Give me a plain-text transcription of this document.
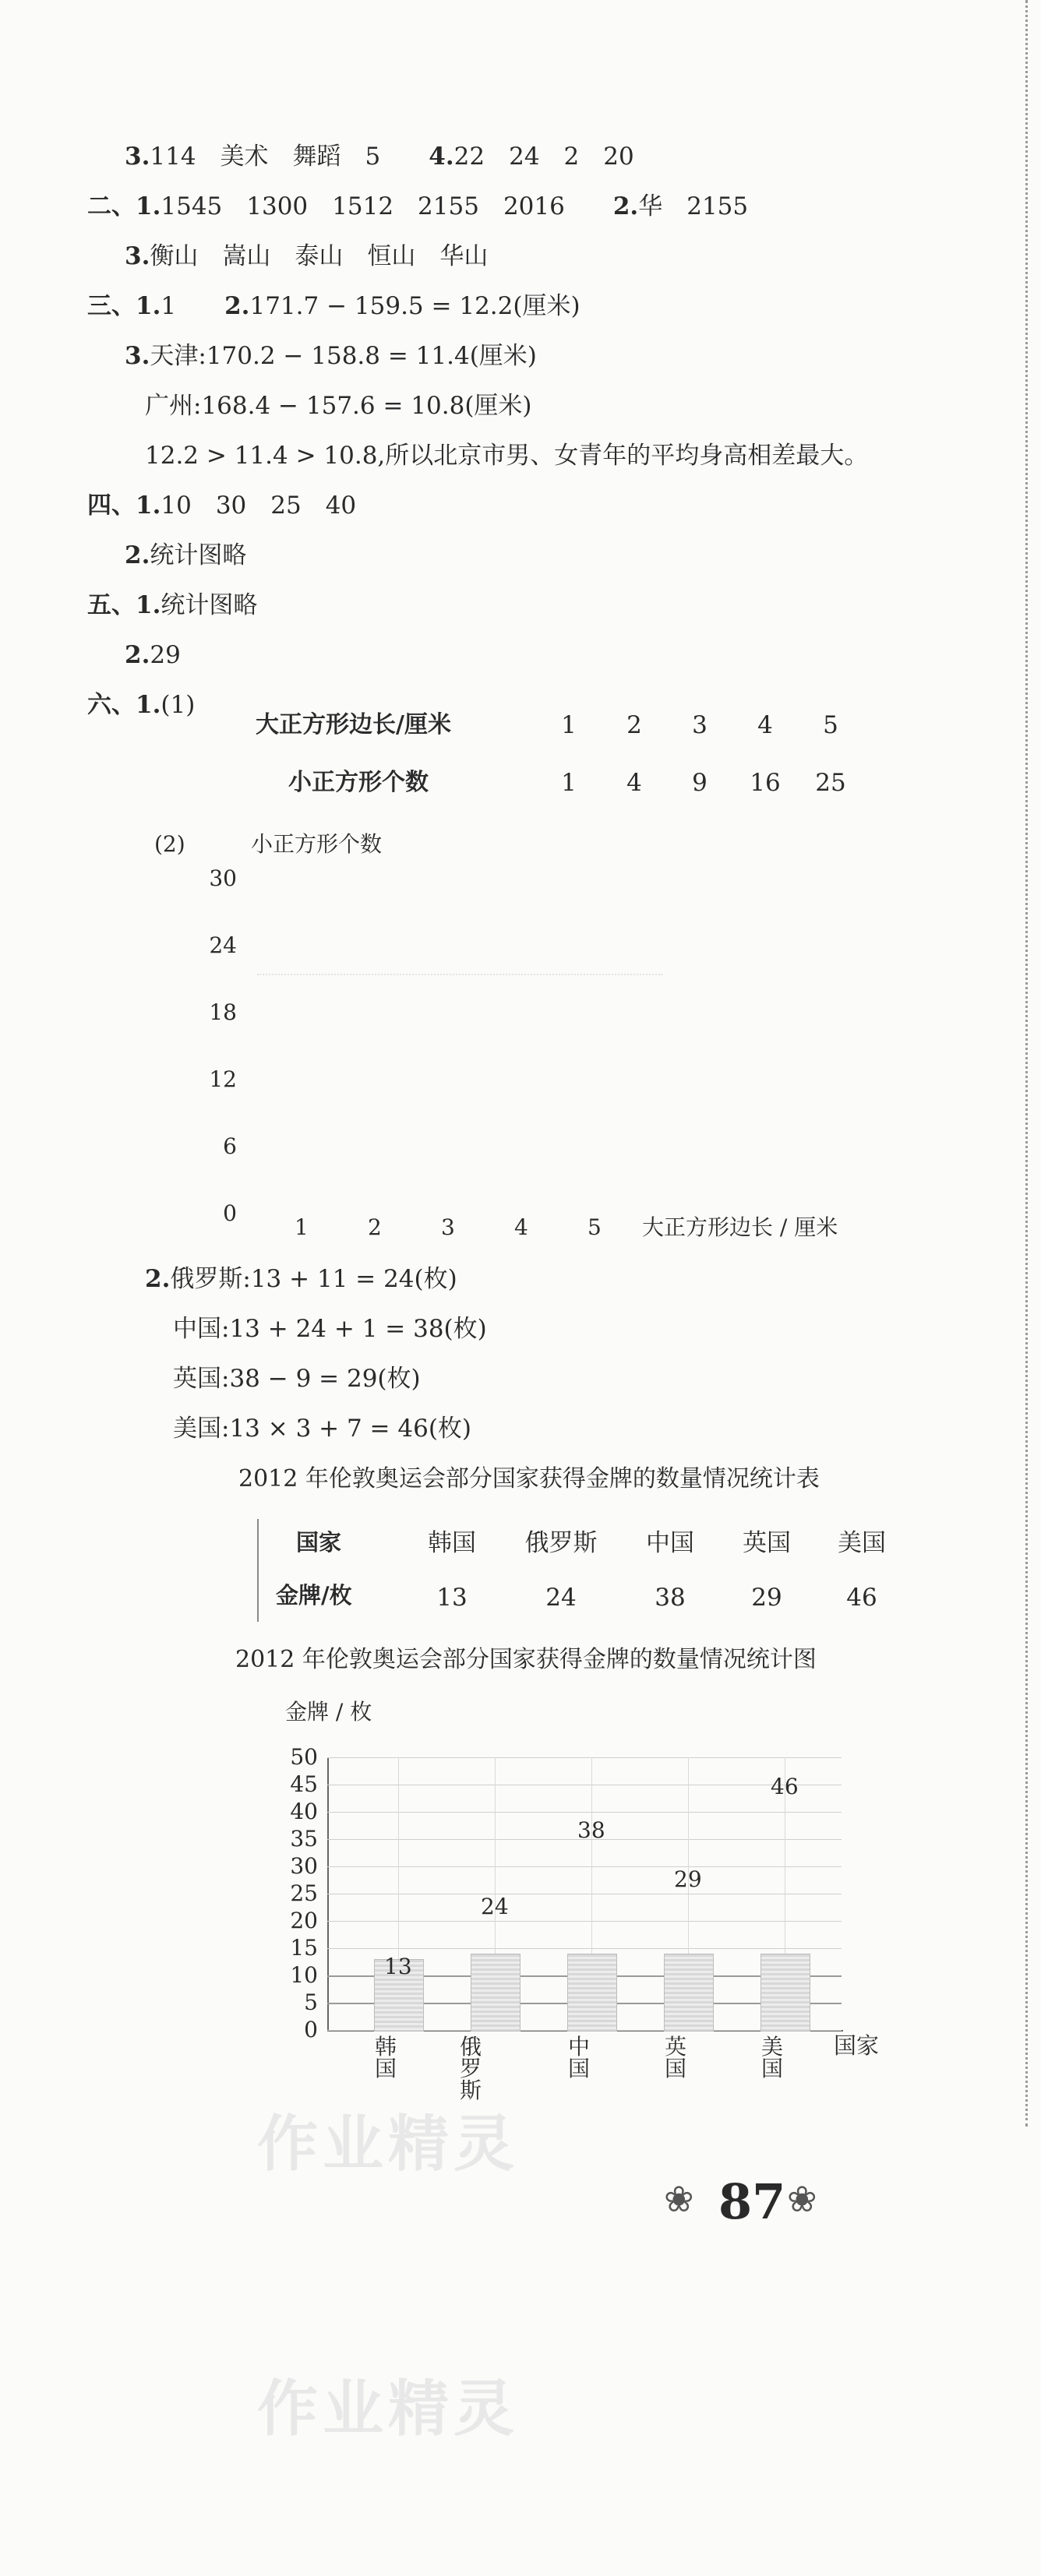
3.114　美术　舞蹈　5　　4.22　24　2　20
二、1.1545　1300　1512　2155　2016　　2.华　2155
3.衡山　嵩山　泰山　恒山　华山
三、1.1　　2.171.7 − 159.5 = 12.2(厘米)
3.天津:170.2 − 158.8 = 11.4(厘米)
广州:168.4 − 157.6 = 10.8(厘米)
12.2 > 11.4 > 10.8,所以北京市男、女青年的平均身高相差最大。
四、1.10　30　25　40
2.统计图略
五、1.统计图略
2.29
六、1.(1)
大正方形边长/厘米	1	2	3	4	5
小正方形个数	1	4	9	16	25
(2)	小正方形个数
30
24
18
12
6
0
1	2	3	4	5 大正方形边长 / 厘米
2.俄罗斯:13 + 11 = 24(枚)
中国:13 + 24 + 1 = 38(枚)
英国:38 − 9 = 29(枚)
美国:13 × 3 + 7 = 46(枚)
2012 年伦敦奥运会部分国家获得金牌的数量情况统计表
国家	韩国	俄罗斯	中国	英国	美国
金牌/枚	13	24	38	29	46
2012 年伦敦奥运会部分国家获得金牌的数量情况统计图
金牌 / 枚
50
45
40
35
30
25
20
15
10
5
0
13
24
38
29
46
韩国
俄罗斯
中国
英国
美国
国家
作业精灵
作业精灵
❀ 87 ❀
